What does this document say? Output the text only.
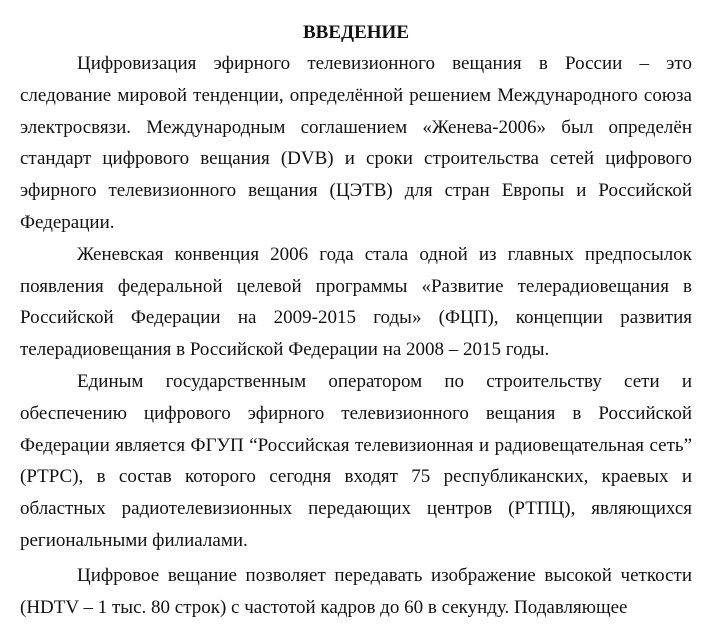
ВВЕДЕНИЕ

Цифровизация эфирного телевизионного вещания в России – это следование мировой тенденции, определённой решением Международного союза электросвязи. Международным соглашением «Женева-2006» был определён стандарт цифрового вещания (DVB) и сроки строительства сетей цифрового эфирного телевизионного вещания (ЦЭТВ) для стран Европы и Российской Федерации.

Женевская конвенция 2006 года стала одной из главных предпосылок появления федеральной целевой программы «Развитие телерадиовещания в Российской Федерации на 2009-2015 годы» (ФЦП), концепции развития телерадиовещания в Российской Федерации на 2008 – 2015 годы.

Единым государственным оператором по строительству сети и обеспечению цифрового эфирного телевизионного вещания в Российской Федерации является ФГУП “Российская телевизионная и радиовещательная сеть” (РТРС), в состав которого сегодня входят 75 республиканских, краевых и областных радиотелевизионных передающих центров (РТПЦ), являющихся региональными филиалами.

Цифровое вещание позволяет передавать изображение высокой четкости (HDTV – 1 тыс. 80 строк) с частотой кадров до 60 в секунду. Подавляющее
